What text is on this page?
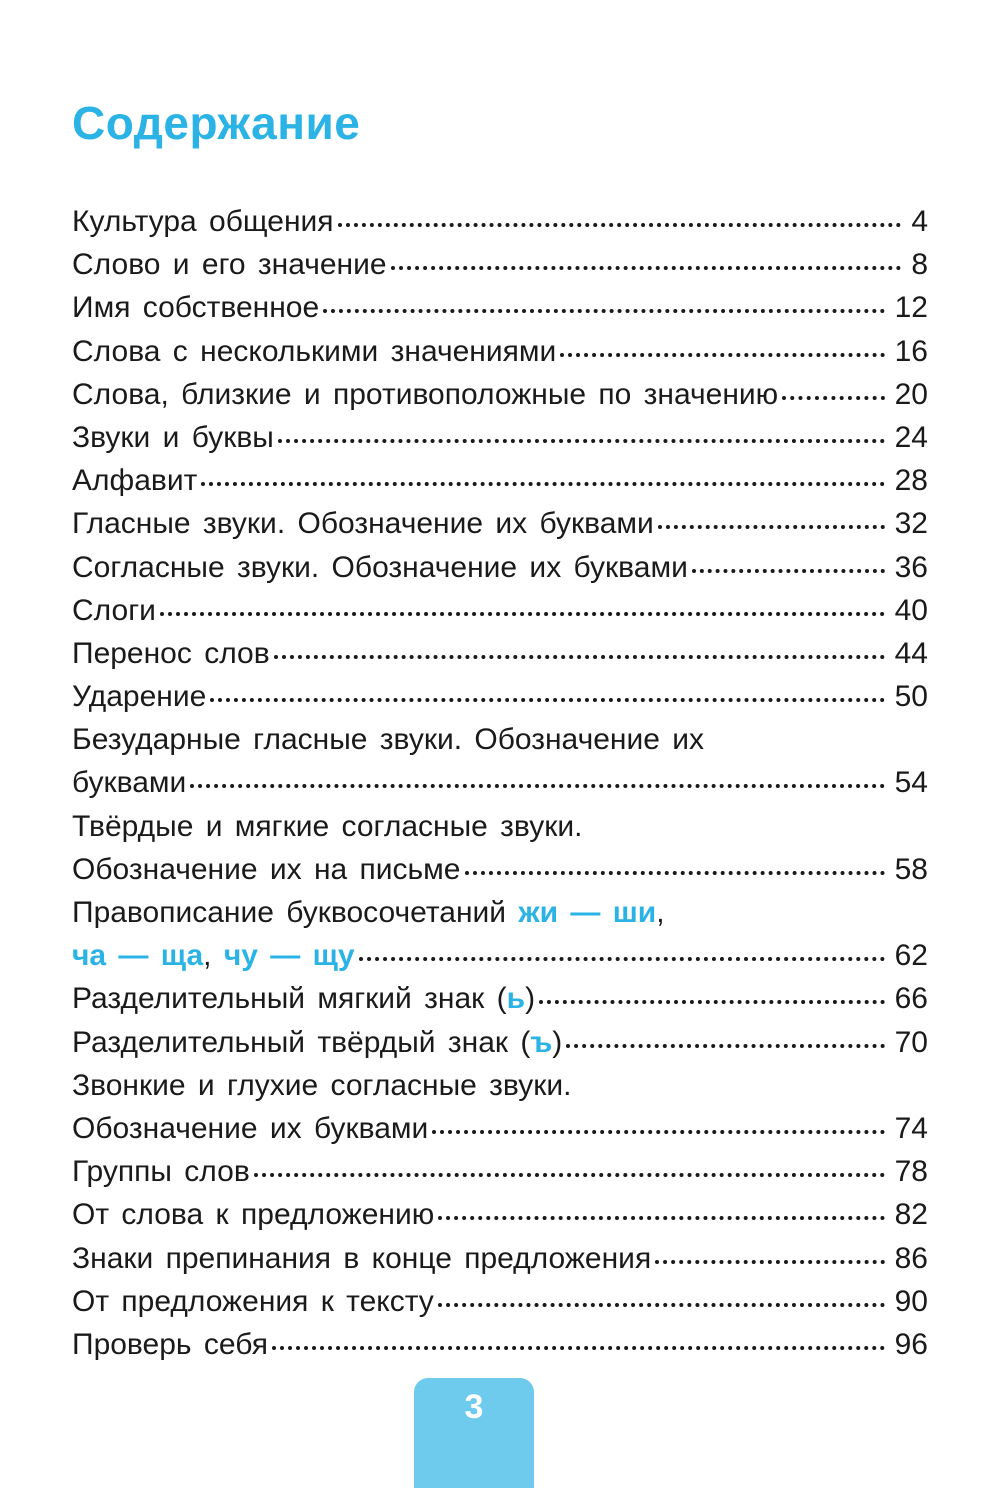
Содержание
Культура общения	4
Слово и его значение	8
Имя собственное	12
Слова с несколькими значениями	16
Слова, близкие и противоположные по значению	20
Звуки и буквы	24
Алфавит	28
Гласные звуки. Обозначение их буквами	32
Согласные звуки. Обозначение их буквами	36
Слоги	40
Перенос слов	44
Ударение	50
Безударные гласные звуки. Обозначение их
буквами	54
Твёрдые и мягкие согласные звуки.
Обозначение их на письме	58
Правописание буквосочетаний жи — ши,
ча — ща, чу — щу	62
Разделительный мягкий знак (ь)	66
Разделительный твёрдый знак (ъ)	70
Звонкие и глухие согласные звуки.
Обозначение их буквами	74
Группы слов	78
От слова к предложению	82
Знаки препинания в конце предложения	86
От предложения к тексту	90
Проверь себя	96
3
